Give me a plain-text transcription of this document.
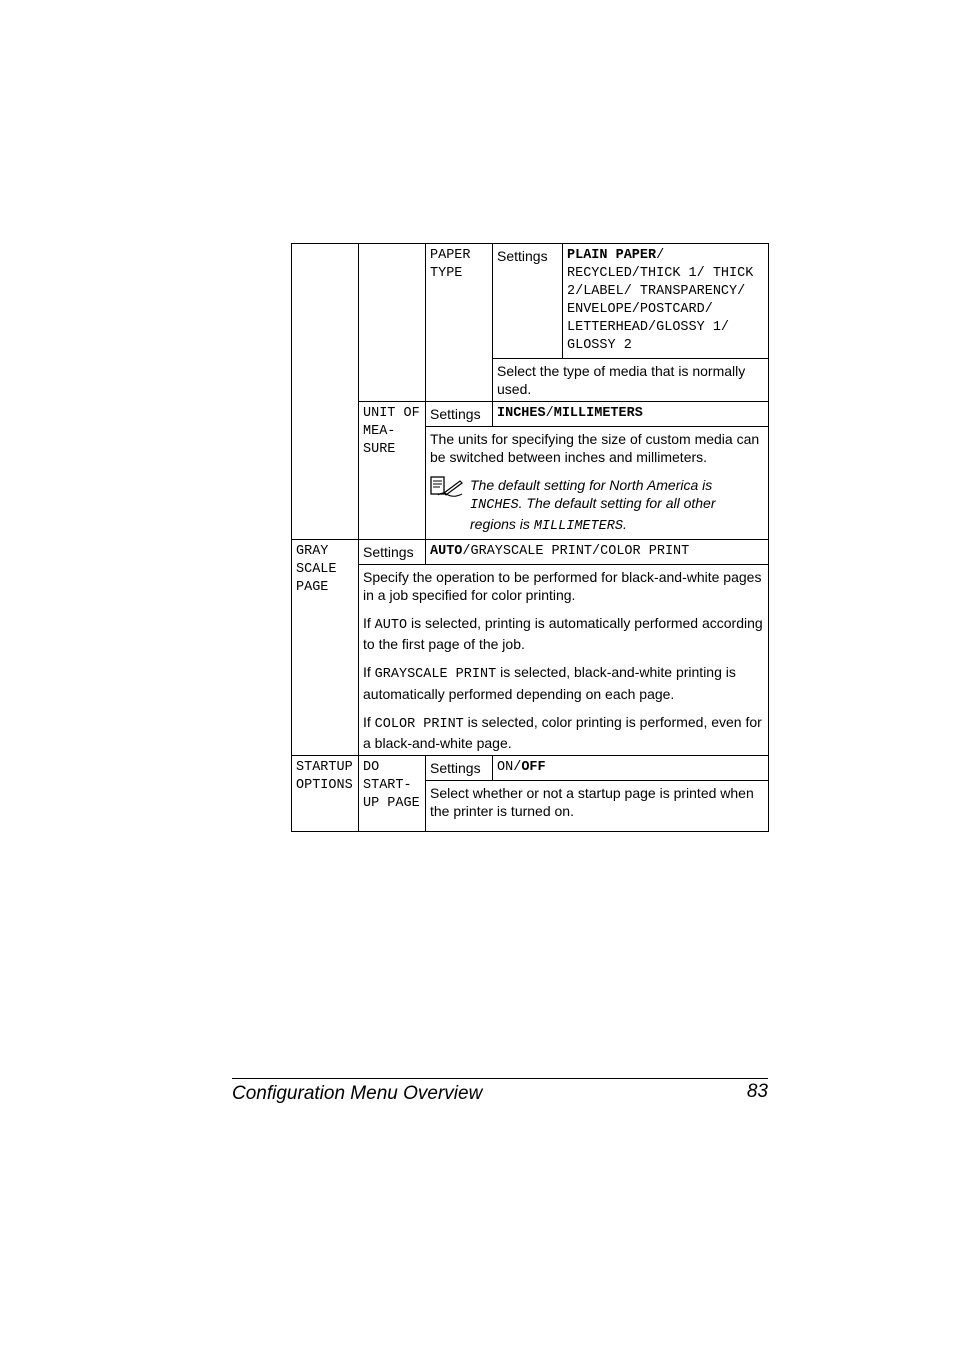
		PAPER TYPE	Settings	PLAIN PAPER/ RECYCLED/THICK 1/ THICK 2/LABEL/ TRANSPARENCY/ ENVELOPE/POSTCARD/ LETTERHEAD/GLOSSY 1/ GLOSSY 2
			Select the type of media that is normally used.	
	UNIT OF MEA- SURE	Settings	INCHES/MILLIMETERS	

		The units for specifying the size of custom media can be switched between inches and millimeters.
The default setting for North America is INCHES. The default setting for all other regions is MILLIMETERS.		

GRAY SCALE PAGE	Settings	AUTO/GRAYSCALE PRINT/COLOR PRINT		

	Specify the operation to be performed for black-and-white pages in a job specified for color printing.

If AUTO is selected, printing is automatically performed according to the first page of the job.

If GRAYSCALE PRINT is selected, black-and-white printing is automatically performed depending on each page.

If COLOR PRINT is selected, color printing is performed, even for a black-and-white page.			

STARTUP OPTIONS	DO START- UP PAGE	Settings	ON/OFF	
		Select whether or not a startup page is printed when the printer is turned on.		
Configuration Menu Overview	83
